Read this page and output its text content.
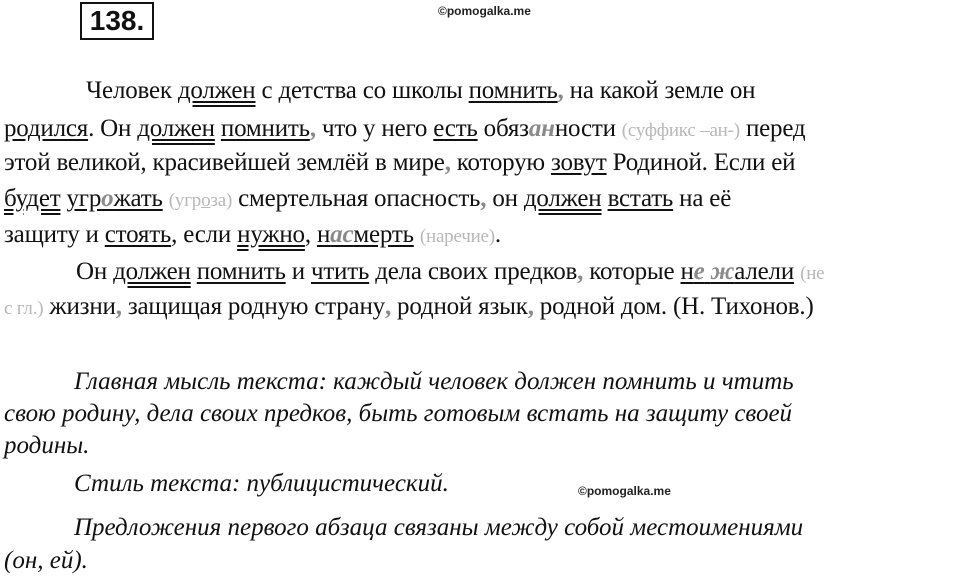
138.	©pomogalka.me
Человек должен с детства со школы помнить, на какой земле он
родился. Он должен помнить, что у него есть обязанности (суффикс –ан-) перед
этой великой, красивейшей землёй в мире, которую зовут Родиной. Если ей
будет угрожать (угроза) смертельная опасность, он должен встать на её
защиту и стоять, если нужно, насмерть (наречие).
Он должен помнить и чтить дела своих предков, которые не жалели (не
с гл.) жизни, защищая родную страну, родной язык, родной дом. (Н. Тихонов.)
Главная мысль текста: каждый человек должен помнить и чтить
свою родину, дела своих предков, быть готовым встать на защиту своей
родины.
Стиль текста: публицистический.	©pomogalka.me
Предложения первого абзаца связаны между собой местоимениями
(он, ей).
